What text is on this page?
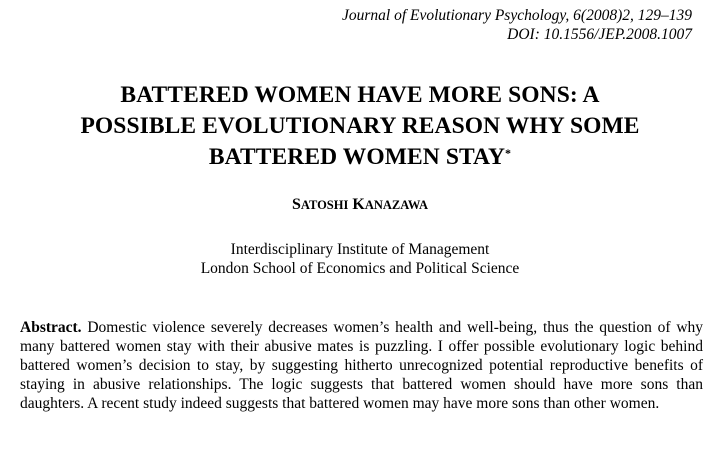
Journal of Evolutionary Psychology, 6(2008)2, 129–139
DOI: 10.1556/JEP.2008.1007
BATTERED WOMEN HAVE MORE SONS: A
POSSIBLE EVOLUTIONARY REASON WHY SOME
BATTERED WOMEN STAY*
SATOSHI KANAZAWA
Interdisciplinary Institute of Management
London School of Economics and Political Science
Abstract. Domestic violence severely decreases women’s health and well-being, thus the question of why many battered women stay with their abusive mates is puzzling. I offer possible evolutionary logic behind battered women’s decision to stay, by suggesting hitherto unrecognized potential reproductive benefits of staying in abusive relationships. The logic suggests that battered women should have more sons than daughters. A recent study indeed suggests that battered women may have more sons than other women.
